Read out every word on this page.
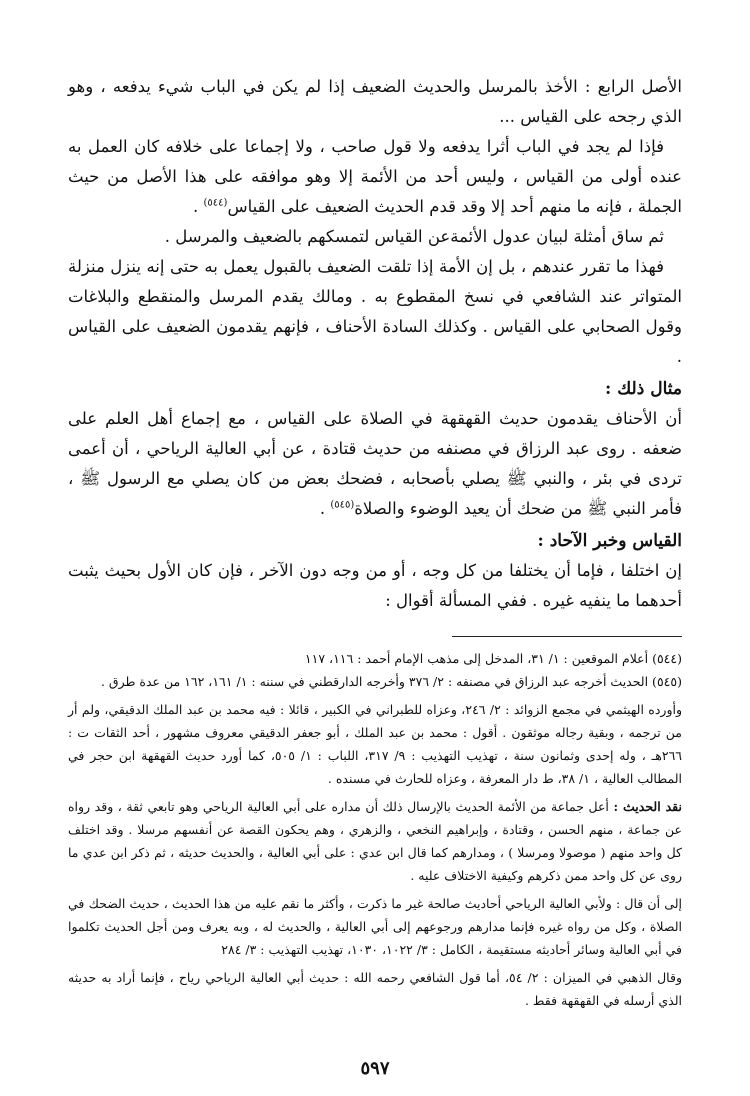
الأصل الرابع : الأخذ بالمرسل والحديث الضعيف إذا لم يكن في الباب شيء يدفعه ، وهو الذي رجحه على القياس ...

فإذا لم يجد في الباب أثرا يدفعه ولا قول صاحب ، ولا إجماعا على خلافه كان العمل به عنده أولى من القياس ، وليس أحد من الأئمة إلا وهو موافقه على هذا الأصل من حيث الجملة ، فإنه ما منهم أحد إلا وقد قدم الحديث الضعيف على القياس$^{(٥٤٤)}$ .

ثم ساق أمثلة لبيان عدول الأئمةعن القياس لتمسكهم بالضعيف والمرسل .

فهذا ما تقرر عندهم ، بل إن الأمة إذا تلقت الضعيف بالقبول يعمل به حتى إنه ينزل منزلة المتواتر عند الشافعي في نسخ المقطوع به . ومالك يقدم المرسل والمنقطع والبلاغات وقول الصحابي على القياس . وكذلك السادة الأحناف ، فإنهم يقدمون الضعيف على القياس .

مثال ذلك :

أن الأحناف يقدمون حديث القهقهة في الصلاة على القياس ، مع إجماع أهل العلم على ضعفه . روى عبد الرزاق في مصنفه من حديث قتادة ، عن أبي العالية الرياحي ، أن أعمى تردى في بئر ، والنبي ﷺ يصلي بأصحابه ، فضحك بعض من كان يصلي مع الرسول ﷺ ، فأمر النبي ﷺ من ضحك أن يعيد الوضوء والصلاة$^{(٥٤٥)}$ .

القياس وخبر الآحاد :

إن اختلفا ، فإما أن يختلفا من كل وجه ، أو من وجه دون الآخر ، فإن كان الأول بحيث يثبت أحدهما ما ينفيه غيره . ففي المسألة أقوال :

(٥٤٤) أعلام الموقعين : ١/ ٣١، المدخل إلى مذهب الإمام أحمد : ١١٦، ١١٧

(٥٤٥) الحديث أخرجه عبد الرزاق في مصنفه : ٢/ ٣٧٦ وأخرجه الدارقطني في سننه : ١/ ١٦١، ١٦٢ من عدة طرق .

وأورده الهيثمي في مجمع الزوائد : ٢/ ٢٤٦، وعزاه للطبراني في الكبير ، قائلا : فيه محمد بن عبد الملك الدقيقي، ولم أر من ترجمه ، وبقية رجاله موثقون . أقول : محمد بن عبد الملك ، أبو جعفر الدقيقي معروف مشهور ، أحد الثقات ت : ٢٦٦هـ ، وله إحدى وثمانون سنة ، تهذيب التهذيب : ٩/ ٣١٧، اللباب : ١/ ٥٠٥، كما أورد حديث القهقهة ابن حجر في المطالب العالية ، ١/ ٣٨، ط دار المعرفة ، وعزاه للحارث في مسنده .

نقد الحديث : أعل جماعة من الأئمة الحديث بالإرسال ذلك أن مداره على أبي العالية الرياحي وهو تابعي ثقة ، وقد رواه عن جماعة ، منهم الحسن ، وقتادة ، وإبراهيم النخعي ، والزهري ، وهم يحكون القصة عن أنفسهم مرسلا . وقد اختلف كل واحد منهم ( موصولا ومرسلا ) ، ومدارهم كما قال ابن عدي : على أبي العالية ، والحديث حديثه ، ثم ذكر ابن عدي ما روى عن كل واحد ممن ذكرهم وكيفية الاختلاف عليه .

إلى أن قال : ولأبي العالية الرياحي أحاديث صالحة غير ما ذكرت ، وأكثر ما نقم عليه من هذا الحديث ، حديث الضحك في الصلاة ، وكل من رواه غيره فإنما مدارهم ورجوعهم إلى أبي العالية ، والحديث له ، وبه يعرف ومن أجل الحديث تكلموا في أبي العالية وسائر أحاديثه مستقيمة ، الكامل : ٣/ ١٠٢٢، ١٠٣٠، تهذيب التهذيب : ٣/ ٢٨٤

وقال الذهبي في الميزان : ٢/ ٥٤، أما قول الشافعي رحمه الله : حديث أبي العالية الرياحي رياح ، فإنما أراد به حديثه الذي أرسله في القهقهة فقط .

٥٩٧
